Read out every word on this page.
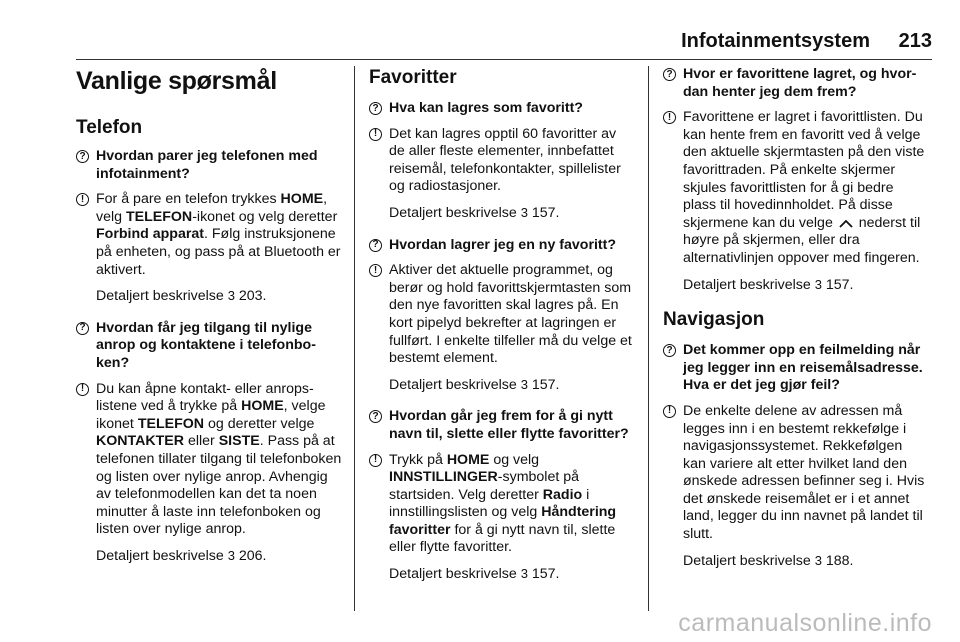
Infotainmentsystem 213
Vanlige spørsmål
Telefon
? Hvordan parer jeg telefonen med infotainment?
! For å pare en telefon trykkes HOME, velg TELEFON-ikonet og velg deretter Forbind apparat. Følg instruksjonene på enheten, og pass på at Bluetooth er aktivert.
Detaljert beskrivelse 3 203.
? Hvordan får jeg tilgang til nylige anrop og kontaktene i telefonboken?
! Du kan åpne kontakt- eller anropslistene ved å trykke på HOME, velge ikonet TELEFON og deretter velge KONTAKTER eller SISTE. Pass på at telefonen tillater tilgang til telefonboken og listen over nylige anrop. Avhengig av telefonmodellen kan det ta noen minutter å laste inn telefonboken og listen over nylige anrop.
Detaljert beskrivelse 3 206.
Favoritter
? Hva kan lagres som favoritt?
! Det kan lagres opptil 60 favoritter av de aller fleste elementer, innbefattet reisemål, telefonkontakter, spillelister og radiostasjoner.
Detaljert beskrivelse 3 157.
? Hvordan lagrer jeg en ny favoritt?
! Aktiver det aktuelle programmet, og berør og hold favorittskjermtasten som den nye favoritten skal lagres på. En kort pipelyd bekrefter at lagringen er fullført. I enkelte tilfeller må du velge et bestemt element.
Detaljert beskrivelse 3 157.
? Hvordan går jeg frem for å gi nytt navn til, slette eller flytte favoritter?
! Trykk på HOME og velg INNSTILLINGER-symbolet på startsiden. Velg deretter Radio i innstillingslisten og velg Håndtering favoritter for å gi nytt navn til, slette eller flytte favoritter.
Detaljert beskrivelse 3 157.
? Hvor er favorittene lagret, og hvordan henter jeg dem frem?
! Favorittene er lagret i favorittlisten. Du kan hente frem en favoritt ved å velge den aktuelle skjermtasten på den viste favorittraden. På enkelte skjermer skjules favorittlisten for å gi bedre plass til hovedinnholdet. På disse skjermene kan du velge  nederst til høyre på skjermen, eller dra alternativlinjen oppover med fingeren.
Detaljert beskrivelse 3 157.
Navigasjon
? Det kommer opp en feilmelding når jeg legger inn en reisemålsadresse. Hva er det jeg gjør feil?
! De enkelte delene av adressen må legges inn i en bestemt rekkefølge i navigasjonssystemet. Rekkefølgen kan variere alt etter hvilket land den ønskede adressen befinner seg i. Hvis det ønskede reisemålet er i et annet land, legger du inn navnet på landet til slutt.
Detaljert beskrivelse 3 188.
carmanualsonline.info
